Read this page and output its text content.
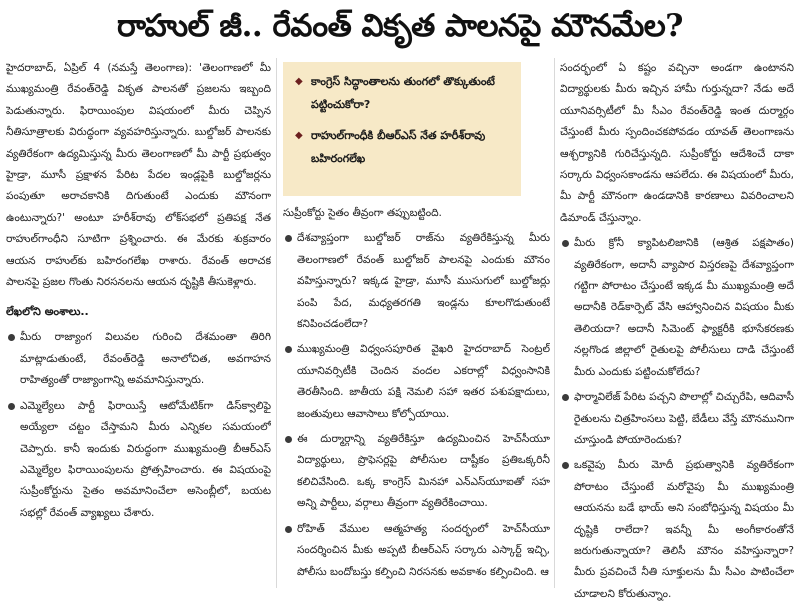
రాహుల్ జీ.. రేవంత్ వికృత పాలనపై మౌనమేల?

హైదరాబాద్, ఏప్రిల్ 4 (నమస్తే తెలంగాణ): 'తెలంగాణలో మీ ముఖ్యమంత్రి రేవంత్‌రెడ్డి వికృత పాలనతో ప్రజలను ఇబ్బంది పెడుతున్నారు. ఫిరాయింపుల విషయంలో మీరు చెప్పిన నీతిసూత్రాలకు విరుద్ధంగా వ్యవహరిస్తున్నారు. బుల్డోజర్ పాలనకు వ్యతిరేకంగా ఉద్యమిస్తున్న మీరు తెలంగాణలో మీ పార్టీ ప్రభుత్వం హైడ్రా, మూసీ ప్రక్షాళన పేరిట పేదల ఇండ్లపైకి బుల్డోజర్లను పంపుతూ అరాచకానికి దిగుతుంటే ఎందుకు మౌనంగా ఉంటున్నారు?' అంటూ హరీశ్‌రావు లోక్‌సభలో ప్రతిపక్ష నేత రాహుల్‌గాంధీని సూటిగా ప్రశ్నించారు. ఈ మేరకు శుక్రవారం ఆయన రాహుల్‌కు బహిరంగలేఖ రాశారు. రేవంత్ అరాచక పాలనపై ప్రజల గొంతు నిరసనలను ఆయన దృష్టికి తీసుకెళ్లారు.

లేఖలోని అంశాలు..

మీరు రాజ్యాంగ విలువల గురించి దేశమంతా తిరిగి మాట్లాడుతుంటే, రేవంత్‌రెడ్డి అనాలోచిత, అవగాహన రాహిత్యంతో రాజ్యాంగాన్ని అవమానిస్తున్నారు.

ఎమ్మెల్యేలు పార్టీ ఫిరాయిస్తే ఆటోమేటిక్‌గా డిస్‌క్వాలిఫై అయ్యేలా చట్టం చేస్తామని మీరు ఎన్నికల సమయంలో చెప్పారు. కానీ ఇందుకు విరుద్ధంగా ముఖ్యమంత్రి బీఆర్‌ఎస్ ఎమ్మెల్యేల ఫిరాయింపులను ప్రోత్సహించారు. ఈ విషయంపై సుప్రీంకోర్టును సైతం అవమానించేలా అసెంబ్లీలో, బయట సభల్లో రేవంత్ వ్యాఖ్యలు చేశారు.

◆ కాంగ్రెస్ సిద్ధాంతాలను తుంగలో తొక్కుతుంటే పట్టించుకోరా?
◆ రాహుల్‌గాంధీకి బీఆర్‌ఎస్ నేత హరీశ్‌రావు బహిరంగలేఖ

సుప్రీంకోర్టు సైతం తీవ్రంగా తప్పుబట్టింది.

దేశవ్యాప్తంగా బుల్డోజర్ రాజ్‌ను వ్యతిరేకిస్తున్న మీరు తెలంగాణలో రేవంత్ బుల్డోజర్ పాలనపై ఎందుకు మౌనం వహిస్తున్నారు? ఇక్కడ హైడ్రా, మూసీ ముసుగులో బుల్డోజర్లు పంపి పేద, మధ్యతరగతి ఇండ్లను కూలగొడుతుంటే కనిపించడంలేదా?

ముఖ్యమంత్రి విధ్వంసపూరిత వైఖరి హైదరాబాద్ సెంట్రల్ యూనివర్సిటీకి చెందిన వందల ఎకరాల్లో విధ్వంసానికి తెరతీసింది. జాతీయ పక్షి నెమలి సహా ఇతర పశుపక్షాదులు, జంతువులు ఆవాసాలు కోల్పోయాయి.

ఈ దుర్మార్గాన్ని వ్యతిరేకిస్తూ ఉద్యమించిన హెచ్‌సీయూ విద్యార్థులు, ప్రొఫెసర్లపై పోలీసుల దాష్టీకం ప్రతిఒక్కరినీ కలిచివేసింది. ఒక్క కాంగ్రెస్ మినహా ఎన్‌ఎస్‌యూఐతో సహ అన్ని పార్టీలు, వర్గాలు తీవ్రంగా వ్యతిరేకించాయి.

రోహిత్ వేముల ఆత్మహత్య సందర్భంలో హెచ్‌సీయూ సందర్శించిన మీకు అప్పటి బీఆర్‌ఎస్ సర్కారు ఎస్కార్ట్ ఇచ్చి, పోలీసు బందోబస్తు కల్పించి నిరసనకు అవకాశం కల్పించింది. ఆ

సందర్భంలో ఏ కష్టం వచ్చినా అండగా ఉంటానని విద్యార్థులకు మీరు ఇచ్చిన హామీ గుర్తున్నదా? నేడు అదే యూనివర్సిటీలో మీ సీఎం రేవంత్‌రెడ్డి ఇంత దుర్మార్గం చేస్తుంటే మీరు స్పందించకపోవడం యావత్ తెలంగాణను ఆశ్చర్యానికి గురిచేస్తున్నది. సుప్రీంకోర్టు ఆదేశించే దాకా సర్కారు విధ్వంసకాండను ఆపలేదు. ఈ విషయంలో మీరు, మీ పార్టీ మౌనంగా ఉండడానికి కారణాలు వివరించాలని డిమాండ్ చేస్తున్నాం.

మీరు క్రోనీ క్యాపిటలిజానికి (ఆశ్రిత పక్షపాతం) వ్యతిరేకంగా, అదానీ వ్యాపార విస్తరణపై దేశవ్యాప్తంగా గట్టిగా పోరాటం చేస్తుంటే ఇక్కడ మీ ముఖ్యమంత్రి అదే అదానీకి రెడ్‌కార్పెట్ వేసి ఆహ్వానించిన విషయం మీకు తెలియదా? అదానీ సిమెంట్ ఫ్యాక్టరీకి భూసేకరణకు నల్లగొండ జిల్లాలో రైతులపై పోలీసులు దాడి చేస్తుంటే మీరు ఎందుకు పట్టించుకోలేదు?

ఫార్మావిలేజ్ పేరిట పచ్చని పొలాల్లో చిచ్చురేపి, ఆదివాసీ రైతులను చిత్రహింసలు పెట్టి, బేడీలు వేస్తే మౌనమునిగా చూస్తుండి పోయారెందుకు?

ఒకవైపు మీరు మోదీ ప్రభుత్వానికి వ్యతిరేకంగా పోరాటం చేస్తుంటే మరోవైపు మీ ముఖ్యమంత్రి ఆయనను బడే భాయ్ అని సంబోధిస్తున్న విషయం మీ దృష్టికి రాలేదా? ఇవన్నీ మీ అంగీకారంతోనే జరుగుతున్నాయా? తెలిసీ మౌనం వహిస్తున్నారా? మీరు ప్రవచించే నీతి సూక్తులను మీ సీఎం పాటించేలా చూడాలని కోరుతున్నాం.
